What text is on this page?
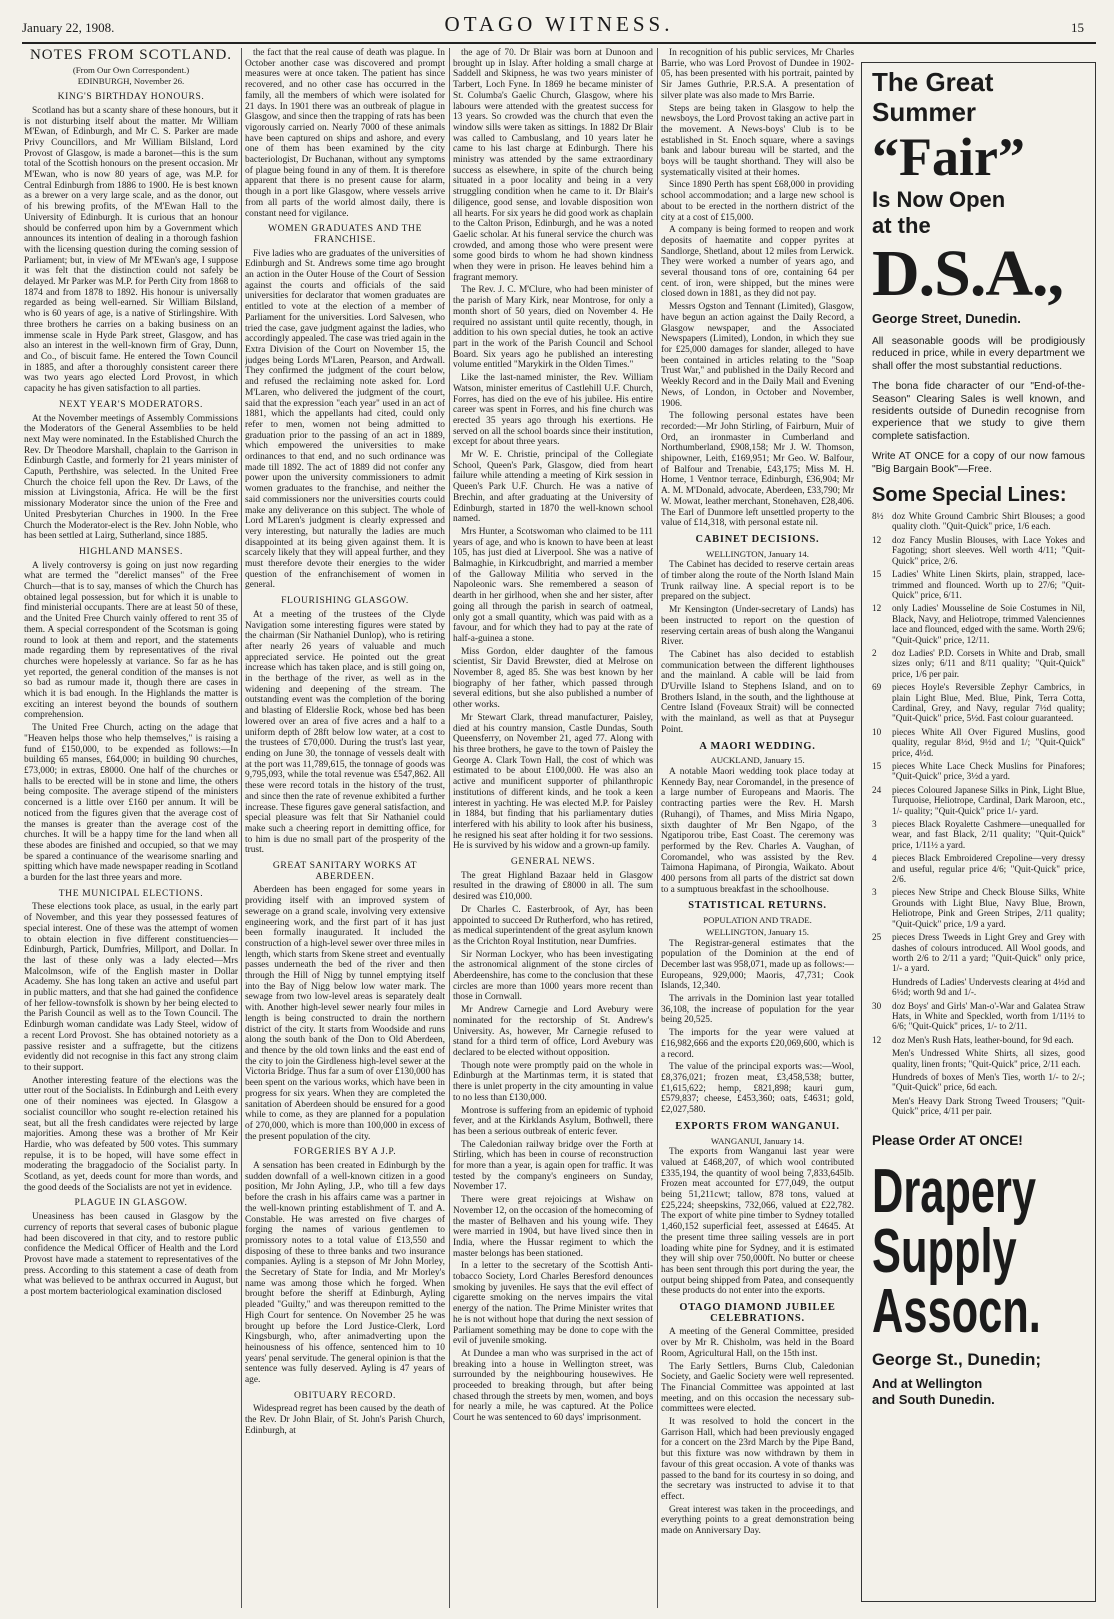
January 22, 1908.	OTAGO WITNESS.	15
NOTES FROM SCOTLAND.
(From Our Own Correspondent.)
EDINBURGH, November 26.
KING'S BIRTHDAY HONOURS.

Scotland has but a scanty share of these honours, but it is not disturbing itself about the matter. Mr William M'Ewan, of Edinburgh, and Mr C. S. Parker are made Privy Councillors, and Mr William Bilsland, Lord Provost of Glasgow, is made a baronet—this is the sum total of the Scottish honours on the present occasion. Mr M'Ewan, who is now 80 years of age, was M.P. for Central Edinburgh from 1886 to 1900. He is best known as a brewer on a very large scale, and as the donor, out of his brewing profits, of the M'Ewan Hall to the University of Edinburgh. It is curious that an honour should be conferred upon him by a Government which announces its intention of dealing in a thorough fashion with the licensing question during the coming session of Parliament; but, in view of Mr M'Ewan's age, I suppose it was felt that the distinction could not safely be delayed. Mr Parker was M.P. for Perth City from 1868 to 1874 and from 1878 to 1892. His honour is universally regarded as being well-earned. Sir William Bilsland, who is 60 years of age, is a native of Stirlingshire. With three brothers he carries on a baking business on an immense scale in Hyde Park street, Glasgow, and has also an interest in the well-known firm of Gray, Dunn, and Co., of biscuit fame. He entered the Town Council in 1885, and after a thoroughly consistent career there was two years ago elected Lord Provost, in which capacity he has given satisfaction to all parties.

NEXT YEAR'S MODERATORS.

At the November meetings of Assembly Commissions the Moderators of the General Assemblies to be held next May were nominated. In the Established Church the Rev. Dr Theodore Marshall, chaplain to the Garrison in Edinburgh Castle, and formerly for 21 years minister of Caputh, Perthshire, was selected. In the United Free Church the choice fell upon the Rev. Dr Laws, of the mission at Livingstonia, Africa. He will be the first missionary Moderator since the union of the Free and United Presbyterian Churches in 1900. In the Free Church the Moderator-elect is the Rev. John Noble, who has been settled at Lairg, Sutherland, since 1885.

HIGHLAND MANSES.

A lively controversy is going on just now regarding what are termed the "derelict manses" of the Free Church—that is to say, manses of which the Church has obtained legal possession, but for which it is unable to find ministerial occupants. There are at least 50 of these, and the United Free Church vainly offered to rent 35 of them. A special correspondent of the Scotsman is going round to look at them and report, and the statements made regarding them by representatives of the rival churches were hopelessly at variance. So far as he has yet reported, the general condition of the manses is not so bad as rumour made it, though there are cases in which it is bad enough. In the Highlands the matter is exciting an interest beyond the bounds of southern comprehension.

The United Free Church, acting on the adage that "Heaven helps those who help themselves," is raising a fund of £150,000, to be expended as follows:—In building 65 manses, £64,000; in building 90 churches, £73,000; in extras, £8000. One half of the churches or halls to be erected will be in stone and lime, the others being composite. The average stipend of the ministers concerned is a little over £160 per annum. It will be noticed from the figures given that the average cost of the manses is greater than the average cost of the churches. It will be a happy time for the land when all these abodes are finished and occupied, so that we may be spared a continuance of the wearisome snarling and spitting which have made newspaper reading in Scotland a burden for the last three years and more.

THE MUNICIPAL ELECTIONS.

These elections took place, as usual, in the early part of November, and this year they possessed features of special interest. One of these was the attempt of women to obtain election in five different constituencies—Edinburgh, Partick, Dumfries, Millport, and Dollar. In the last of these only was a lady elected—Mrs Malcolmson, wife of the English master in Dollar Academy. She has long taken an active and useful part in public matters, and that she had gained the confidence of her fellow-townsfolk is shown by her being elected to the Parish Council as well as to the Town Council. The Edinburgh woman candidate was Lady Steel, widow of a recent Lord Provost. She has obtained notoriety as a passive resister and a suffragette, but the citizens evidently did not recognise in this fact any strong claim to their support.

Another interesting feature of the elections was the utter rout of the Socialists. In Edinburgh and Leith every one of their nominees was ejected. In Glasgow a socialist councillor who sought re-election retained his seat, but all the fresh candidates were rejected by large majorities. Among these was a brother of Mr Keir Hardie, who was defeated by 500 votes. This summary repulse, it is to be hoped, will have some effect in moderating the braggadocio of the Socialist party. In Scotland, as yet, deeds count for more than words, and the good deeds of the Socialists are not yet in evidence.

PLAGUE IN GLASGOW.

Uneasiness has been caused in Glasgow by the currency of reports that several cases of bubonic plague had been discovered in that city, and to restore public confidence the Medical Officer of Health and the Lord Provost have made a statement to representatives of the press. According to this statement a case of death from what was believed to be anthrax occurred in August, but a post mortem bacteriological examination disclosed

the fact that the real cause of death was plague. In October another case was discovered and prompt measures were at once taken. The patient has since recovered, and no other case has occurred in the family, all the members of which were isolated for 21 days. In 1901 there was an outbreak of plague in Glasgow, and since then the trapping of rats has been vigorously carried on. Nearly 7000 of these animals have been captured on ships and ashore, and every one of them has been examined by the city bacteriologist, Dr Buchanan, without any symptoms of plague being found in any of them. It is therefore apparent that there is no present cause for alarm, though in a port like Glasgow, where vessels arrive from all parts of the world almost daily, there is constant need for vigilance.

WOMEN GRADUATES AND THE FRANCHISE.

Five ladies who are graduates of the universities of Edinburgh and St. Andrews some time ago brought an action in the Outer House of the Court of Session against the courts and officials of the said universities for declarator that women graduates are entitled to vote at the election of a member of Parliament for the universities. Lord Salvesen, who tried the case, gave judgment against the ladies, who accordingly appealed. The case was tried again in the Extra Division of the Court on November 15, the judges being Lords M'Laren, Pearson, and Ardwall. They confirmed the judgment of the court below, and refused the reclaiming note asked for. Lord M'Laren, who delivered the judgment of the court, said that the expression "each year" used in an act of 1881, which the appellants had cited, could only refer to men, women not being admitted to graduation prior to the passing of an act in 1889, which empowered the universities to make ordinances to that end, and no such ordinance was made till 1892. The act of 1889 did not confer any power upon the university commissioners to admit women graduates to the franchise, and neither the said commissioners nor the universities courts could make any deliverance on this subject. The whole of Lord M'Laren's judgment is clearly expressed and very interesting, but naturally the ladies are much disappointed at its being given against them. It is scarcely likely that they will appeal further, and they must therefore devote their energies to the wider question of the enfranchisement of women in general.

FLOURISHING GLASGOW.

At a meeting of the trustees of the Clyde Navigation some interesting figures were stated by the chairman (Sir Nathaniel Dunlop), who is retiring after nearly 26 years of valuable and much appreciated service. He pointed out the great increase which has taken place, and is still going on, in the berthage of the river, as well as in the widening and deepening of the stream. The outstanding event was the completion of the boring and blasting of Elderslie Rock, whose bed has been lowered over an area of five acres and a half to a uniform depth of 28ft below low water, at a cost to the trustees of £70,000. During the trust's last year, ending on June 30, the tonnage of vessels dealt with at the port was 11,789,615, the tonnage of goods was 9,795,093, while the total revenue was £547,862. All these were record totals in the history of the trust, and since then the rate of revenue exhibited a further increase. These figures gave general satisfaction, and special pleasure was felt that Sir Nathaniel could make such a cheering report in demitting office, for to him is due no small part of the prosperity of the trust.

GREAT SANITARY WORKS AT ABERDEEN.

Aberdeen has been engaged for some years in providing itself with an improved system of sewerage on a grand scale, involving very extensive engineering work, and the first part of it has just been formally inaugurated. It included the construction of a high-level sewer over three miles in length, which starts from Skene street and eventually passes underneath the bed of the river and then through the Hill of Nigg by tunnel emptying itself into the Bay of Nigg below low water mark. The sewage from two low-level areas is separately dealt with. Another high-level sewer nearly four miles in length is being constructed to drain the northern district of the city. It starts from Woodside and runs along the south bank of the Don to Old Aberdeen, and thence by the old town links and the east end of the city to join the Girdleness high-level sewer at the Victoria Bridge. Thus far a sum of over £130,000 has been spent on the various works, which have been in progress for six years. When they are completed the sanitation of Aberdeen should be ensured for a good while to come, as they are planned for a population of 270,000, which is more than 100,000 in excess of the present population of the city.

FORGERIES BY A J.P.

A sensation has been created in Edinburgh by the sudden downfall of a well-known citizen in a good position, Mr John Ayling, J.P., who till a few days before the crash in his affairs came was a partner in the well-known printing establishment of T. and A. Constable. He was arrested on five charges of forging the names of various gentlemen to promissory notes to a total value of £13,550 and disposing of these to three banks and two insurance companies. Ayling is a stepson of Mr John Morley, the Secretary of State for India, and Mr Morley's name was among those which he forged. When brought before the sheriff at Edinburgh, Ayling pleaded "Guilty," and was thereupon remitted to the High Court for sentence. On November 25 he was brought up before the Lord Justice-Clerk, Lord Kingsburgh, who, after animadverting upon the heinousness of his offence, sentenced him to 10 years' penal servitude. The general opinion is that the sentence was fully deserved. Ayling is 47 years of age.

OBITUARY RECORD.

Widespread regret has been caused by the death of the Rev. Dr John Blair, of St. John's Parish Church, Edinburgh, at

the age of 70. Dr Blair was born at Dunoon and brought up in Islay. After holding a small charge at Saddell and Skipness, he was two years minister of Tarbert, Loch Fyne. In 1869 he became minister of St. Columba's Gaelic Church, Glasgow, where his labours were attended with the greatest success for 13 years. So crowded was the church that even the window sills were taken as sittings. In 1882 Dr Blair was called to Cambuslang, and 10 years later he came to his last charge at Edinburgh. There his ministry was attended by the same extraordinary success as elsewhere, in spite of the church being situated in a poor locality and being in a very struggling condition when he came to it. Dr Blair's diligence, good sense, and lovable disposition won all hearts. For six years he did good work as chaplain to the Calton Prison, Edinburgh, and he was a noted Gaelic scholar. At his funeral service the church was crowded, and among those who were present were some good birds to whom he had shown kindness when they were in prison. He leaves behind him a fragrant memory.

The Rev. J. C. M'Clure, who had been minister of the parish of Mary Kirk, near Montrose, for only a month short of 50 years, died on November 4. He required no assistant until quite recently, though, in addition to his own special duties, he took an active part in the work of the Parish Council and School Board. Six years ago he published an interesting volume entitled "Marykirk in the Olden Times."

Like the last-named minister, the Rev. William Watson, minister emeritus of Castlehill U.F. Church, Forres, has died on the eve of his jubilee. His entire career was spent in Forres, and his fine church was erected 35 years ago through his exertions. He served on all the school boards since their institution, except for about three years.

Mr W. E. Christie, principal of the Collegiate School, Queen's Park, Glasgow, died from heart failure while attending a meeting of Kirk session in Queen's Park U.F. Church. He was a native of Brechin, and after graduating at the University of Edinburgh, started in 1870 the well-known school named.

Mrs Hunter, a Scotswoman who claimed to be 111 years of age, and who is known to have been at least 105, has just died at Liverpool. She was a native of Balmaghie, in Kirkcudbright, and married a member of the Galloway Militia who served in the Napoleonic wars. She remembered a season of dearth in her girlhood, when she and her sister, after going all through the parish in search of oatmeal, only got a small quantity, which was paid with as a favour, and for which they had to pay at the rate of half-a-guinea a stone.

Miss Gordon, elder daughter of the famous scientist, Sir David Brewster, died at Melrose on November 8, aged 85. She was best known by her biography of her father, which passed through several editions, but she also published a number of other works.

Mr Stewart Clark, thread manufacturer, Paisley, died at his country mansion, Castle Dundas, South Queensferry, on November 21, aged 77. Along with his three brothers, he gave to the town of Paisley the George A. Clark Town Hall, the cost of which was estimated to be about £100,000. He was also an active and munificent supporter of philanthropic institutions of different kinds, and he took a keen interest in yachting. He was elected M.P. for Paisley in 1884, but finding that his parliamentary duties interfered with his ability to look after his business, he resigned his seat after holding it for two sessions. He is survived by his widow and a grown-up family.

GENERAL NEWS.

The great Highland Bazaar held in Glasgow resulted in the drawing of £8000 in all. The sum desired was £10,000.

Dr Charles C. Easterbrook, of Ayr, has been appointed to succeed Dr Rutherford, who has retired, as medical superintendent of the great asylum known as the Crichton Royal Institution, near Dumfries.

Sir Norman Lockyer, who has been investigating the astronomical alignment of the stone circles of Aberdeenshire, has come to the conclusion that these circles are more than 1000 years more recent than those in Cornwall.

Mr Andrew Carnegie and Lord Avebury were nominated for the rectorship of St. Andrew's University. As, however, Mr Carnegie refused to stand for a third term of office, Lord Avebury was declared to be elected without opposition.

Though note were promptly paid on the whole in Edinburgh at the Martinmas term, it is stated that there is unlet property in the city amounting in value to no less than £130,000.

Montrose is suffering from an epidemic of typhoid fever, and at the Kirklands Asylum, Bothwell, there has been a serious outbreak of enteric fever.

The Caledonian railway bridge over the Forth at Stirling, which has been in course of reconstruction for more than a year, is again open for traffic. It was tested by the company's engineers on Sunday, November 17.

There were great rejoicings at Wishaw on November 12, on the occasion of the homecoming of the master of Belhaven and his young wife. They were married in 1904, but have lived since then in India, where the Hussar regiment to which the master belongs has been stationed.

In a letter to the secretary of the Scottish Anti-tobacco Society, Lord Charles Beresford denounces smoking by juveniles. He says that the evil effect of cigarette smoking on the nerves impairs the vital energy of the nation. The Prime Minister writes that he is not without hope that during the next session of Parliament something may be done to cope with the evil of juvenile smoking.

At Dundee a man who was surprised in the act of breaking into a house in Wellington street, was surrounded by the neighbouring housewives. He proceeded to breaking through, but after being chased through the streets by men, women, and boys for nearly a mile, he was captured. At the Police Court he was sentenced to 60 days' imprisonment.

In recognition of his public services, Mr Charles Barrie, who was Lord Provost of Dundee in 1902-05, has been presented with his portrait, painted by Sir James Guthrie, P.R.S.A. A presentation of silver plate was also made to Mrs Barrie.

Steps are being taken in Glasgow to help the newsboys, the Lord Provost taking an active part in the movement. A News-boys' Club is to be established in St. Enoch square, where a savings bank and labour bureau will be started, and the boys will be taught shorthand. They will also be systematically visited at their homes.

Since 1890 Perth has spent £68,000 in providing school accommodation; and a large new school is about to be erected in the northern district of the city at a cost of £15,000.

A company is being formed to reopen and work deposits of haematite and copper pyrites at Sandlorge, Shetland, about 12 miles from Lerwick. They were worked a number of years ago, and several thousand tons of ore, containing 64 per cent. of iron, were shipped, but the mines were closed down in 1881, as they did not pay.

Messrs Ogston and Tennant (Limited), Glasgow, have begun an action against the Daily Record, a Glasgow newspaper, and the Associated Newspapers (Limited), London, in which they sue for £25,000 damages for slander, alleged to have been contained in articles relating to the "Soap Trust War," and published in the Daily Record and Weekly Record and in the Daily Mail and Evening News, of London, in October and November, 1906.

The following personal estates have been recorded:—Mr John Stirling, of Fairburn, Muir of Ord, an ironmaster in Cumberland and Northumberland, £908,158; Mr J. W. Thomson, shipowner, Leith, £169,951; Mr Geo. W. Balfour, of Balfour and Trenabie, £43,175; Miss M. H. Home, 1 Ventnor terrace, Edinburgh, £36,904; Mr A. M. M'Donald, advocate, Aberdeen, £33,790; Mr W. Mowat, leather merchant, Stonehaven, £28,406. The Earl of Dunmore left unsettled property to the value of £14,318, with personal estate nil.

CABINET DECISIONS.
WELLINGTON, January 14.

The Cabinet has decided to reserve certain areas of timber along the route of the North Island Main Trunk railway line. A special report is to be prepared on the subject.

Mr Kensington (Under-secretary of Lands) has been instructed to report on the question of reserving certain areas of bush along the Wanganui River.

The Cabinet has also decided to establish communication between the different lighthouses and the mainland. A cable will be laid from D'Urville Island to Stephens Island, and on to Brothers Island, in the south, and the lighthouse at Centre Island (Foveaux Strait) will be connected with the mainland, as well as that at Puysegur Point.

A MAORI WEDDING.
AUCKLAND, January 15.

A notable Maori wedding took place today at Kennedy Bay, near Coromandel, in the presence of a large number of Europeans and Maoris. The contracting parties were the Rev. H. Marsh (Ruhangi), of Thames, and Miss Miria Ngapo, sixth daughter of Mr Ben Ngapo, of the Ngatiporou tribe, East Coast. The ceremony was performed by the Rev. Charles A. Vaughan, of Coromandel, who was assisted by the Rev. Taimona Hapimana, of Pirongia, Waikato. About 400 persons from all parts of the district sat down to a sumptuous breakfast in the schoolhouse.

STATISTICAL RETURNS.
POPULATION AND TRADE.
WELLINGTON, January 15.

The Registrar-general estimates that the population of the Dominion at the end of December last was 958,071, made up as follows:—Europeans, 929,000; Maoris, 47,731; Cook Islands, 12,340.

The arrivals in the Dominion last year totalled 36,108, the increase of population for the year being 20,525.

The imports for the year were valued at £16,982,666 and the exports £20,069,600, which is a record.

The value of the principal exports was:—Wool, £8,376,021; frozen meat, £3,458,538; butter, £1,615,622; hemp, £821,898; kauri gum, £579,837; cheese, £453,360; oats, £4631; gold, £2,027,580.

EXPORTS FROM WANGANUI.
WANGANUI, January 14.

The exports from Wanganui last year were valued at £468,207, of which wool contributed £335,194, the quantity of wool being 7,833,645lb. Frozen meat accounted for £77,049, the output being 51,211cwt; tallow, 878 tons, valued at £25,224; sheepskins, 732,066, valued at £22,782. The export of white pine timber to Sydney totalled 1,460,152 superficial feet, assessed at £4645. At the present time three sailing vessels are in port loading white pine for Sydney, and it is estimated they will ship over 750,000ft. No butter or cheese has been sent through this port during the year, the output being shipped from Patea, and consequently these products do not enter into the exports.

OTAGO DIAMOND JUBILEE CELEBRATIONS.

A meeting of the General Committee, presided over by Mr R. Chisholm, was held in the Board Room, Agricultural Hall, on the 15th inst.

The Early Settlers, Burns Club, Caledonian Society, and Gaelic Society were well represented. The Financial Committee was appointed at last meeting, and on this occasion the necessary sub-committees were elected.

It was resolved to hold the concert in the Garrison Hall, which had been previously engaged for a concert on the 23rd March by the Pipe Band, but this fixture was now withdrawn by them in favour of this great occasion. A vote of thanks was passed to the band for its courtesy in so doing, and the secretary was instructed to advise it to that effect.

Great interest was taken in the proceedings, and everything points to a great demonstration being made on Anniversary Day.

The Great
Summer
“Fair”
Is Now Open
at the
D.S.A.,
George Street, Dunedin.
All seasonable goods will be prodigiously reduced in price, while in every department we shall offer the most substantial reductions.
The bona fide character of our "End-of-the-Season" Clearing Sales is well known, and residents outside of Dunedin recognise from experience that we study to give them complete satisfaction.
Write AT ONCE for a copy of our now famous "Big Bargain Book"—Free.
Some Special Lines:
8½ doz White Ground Cambric Shirt Blouses; a good quality cloth. "Quit-Quick" price, 1/6 each.
12	doz Fancy Muslin Blouses, with Lace Yokes and Fagoting; short sleeves. Well worth 4/11; "Quit-Quick" price, 2/6.
15	Ladies' White Linen Skirts, plain, strapped, lace-trimmed and flounced. Worth up to 27/6; "Quit-Quick" price, 6/11.
12	only Ladies' Mousseline de Soie Costumes in Nil, Black, Navy, and Heliotrope, trimmed Valenciennes lace and flounced, edged with the same. Worth 29/6; "Quit-Quick" price, 12/11.
2	doz Ladies' P.D. Corsets in White and Drab, small sizes only; 6/11 and 8/11 quality; "Quit-Quick" price, 1/6 per pair.
69	pieces Hoyle's Reversible Zephyr Cambrics, in plain Light Blue, Med. Blue, Pink, Terra Cotta, Cardinal, Grey, and Navy, regular 7½d quality; "Quit-Quick" price, 5½d. Fast colour guaranteed.
10	pieces White All Over Figured Muslins, good quality, regular 8½d, 9½d and 1/; "Quit-Quick" price, 4½d.
15	pieces White Lace Check Muslins for Pinafores; "Quit-Quick" price, 3½d a yard.
24	pieces Coloured Japanese Silks in Pink, Light Blue, Turquoise, Heliotrope, Cardinal, Dark Maroon, etc., 1/- quality; "Quit-Quick" price 1/- yard.
3	pieces Black Royalette Cashmere—unequalled for wear, and fast Black, 2/11 quality; "Quit-Quick" price, 1/11½ a yard.
4	pieces Black Embroidered Crepoline—very dressy and useful, regular price 4/6; "Quit-Quick" price, 2/6.
3	pieces New Stripe and Check Blouse Silks, White Grounds with Light Blue, Navy Blue, Brown, Heliotrope, Pink and Green Stripes, 2/11 quality; "Quit-Quick" price, 1/9 a yard.
25	pieces Dress Tweeds in Light Grey and Grey with dashes of colours introduced. All Wool goods, and worth 2/6 to 2/11 a yard; "Quit-Quick" only price, 1/- a yard.
Hundreds of Ladies' Undervests clearing at 4½d and 6½d; worth 9d and 1/-.
30	doz Boys' and Girls' Man-o'-War and Galatea Straw Hats, in White and Speckled, worth from 1/11½ to 6/6; "Quit-Quick" prices, 1/- to 2/11.
12	doz Men's Rush Hats, leather-bound, for 9d each.
Men's Undressed White Shirts, all sizes, good quality, linen fronts; "Quit-Quick" price, 2/11 each.
Hundreds of boxes of Men's Ties, worth 1/- to 2/-; "Quit-Quick" price, 6d each.
Men's Heavy Dark Strong Tweed Trousers; "Quit-Quick" price, 4/11 per pair.
Please Order AT ONCE!
Drapery
Supply
Assocn.
George St., Dunedin;
And at Wellington
and South Dunedin.
